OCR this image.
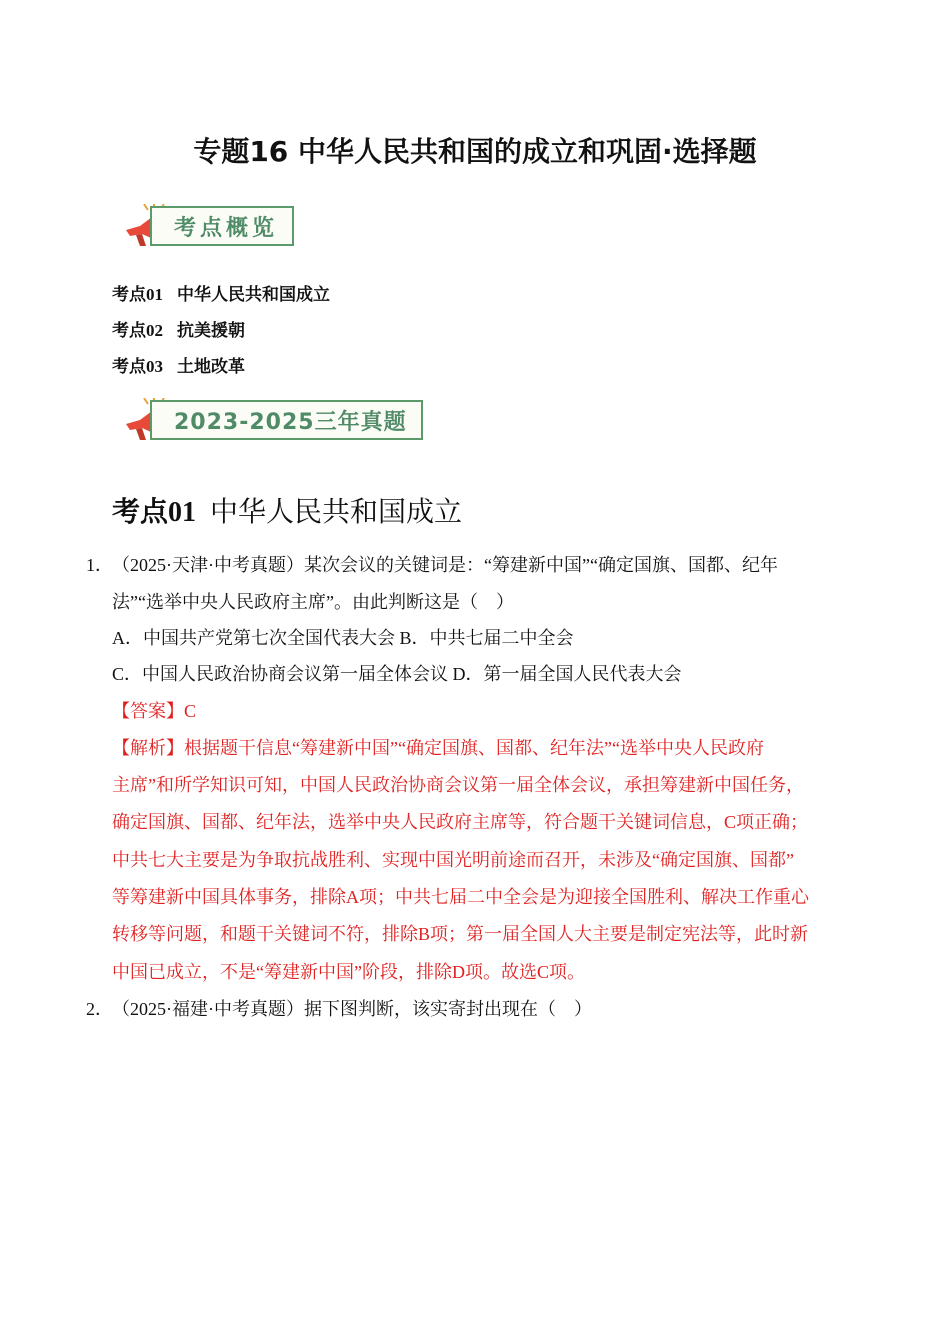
专题16 中华人民共和国的成立和巩固·选择题
考点概览
考点01 中华人民共和国成立
考点02 抗美援朝
考点03 土地改革
2023-2025三年真题
考点01 中华人民共和国成立
1． （2025·天津·中考真题）某次会议的关键词是：“筹建新中国”“确定国旗、国都、纪年
法”“选举中央人民政府主席”。由此判断这是（　）
A．中国共产党第七次全国代表大会 B．中共七届二中全会
C．中国人民政治协商会议第一届全体会议 D．第一届全国人民代表大会
【答案】C
【解析】根据题干信息“筹建新中国”“确定国旗、国都、纪年法”“选举中央人民政府
主席”和所学知识可知，中国人民政治协商会议第一届全体会议，承担筹建新中国任务，
确定国旗、国都、纪年法，选举中央人民政府主席等，符合题干关键词信息，C项正确；
中共七大主要是为争取抗战胜利、实现中国光明前途而召开，未涉及“确定国旗、国都”
等筹建新中国具体事务，排除A项；中共七届二中全会是为迎接全国胜利、解决工作重心
转移等问题，和题干关键词不符，排除B项；第一届全国人大主要是制定宪法等，此时新
中国已成立，不是“筹建新中国”阶段，排除D项。故选C项。
2． （2025·福建·中考真题）据下图判断，该实寄封出现在（　）
